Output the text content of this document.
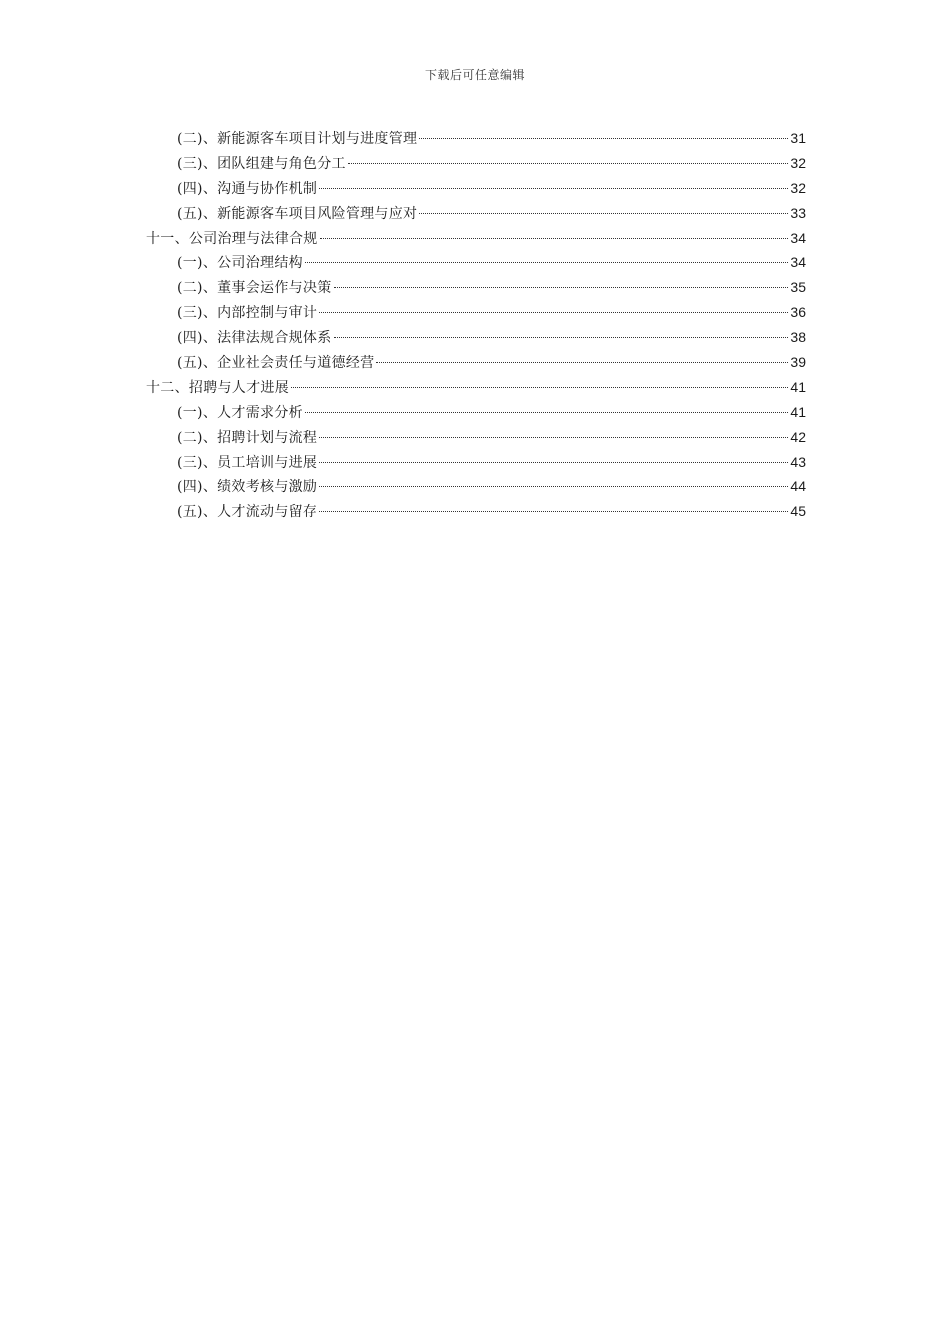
下载后可任意编辑
(二)、新能源客车项目计划与进度管理	31
(三)、团队组建与角色分工	32
(四)、沟通与协作机制	32
(五)、新能源客车项目风险管理与应对	33
十一、公司治理与法律合规	34
(一)、公司治理结构	34
(二)、董事会运作与决策	35
(三)、内部控制与审计	36
(四)、法律法规合规体系	38
(五)、企业社会责任与道德经营	39
十二、招聘与人才进展	41
(一)、人才需求分析	41
(二)、招聘计划与流程	42
(三)、员工培训与进展	43
(四)、绩效考核与激励	44
(五)、人才流动与留存	45
